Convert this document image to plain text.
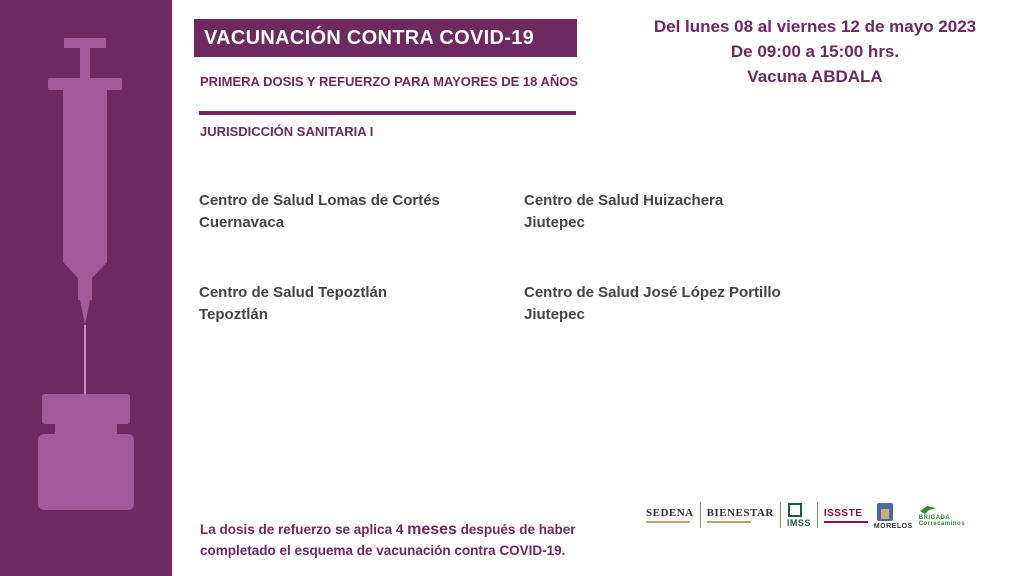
VACUNACIÓN CONTRA COVID-19
PRIMERA DOSIS Y REFUERZO PARA MAYORES DE 18 AÑOS
JURISDICCIÓN SANITARIA I
Del lunes 08 al viernes 12 de mayo 2023
De 09:00 a 15:00 hrs.
Vacuna ABDALA
Centro de Salud Lomas de Cortés
Cuernavaca
Centro de Salud Huizachera
Jiutepec
Centro de Salud Tepoztlán
Tepoztlán
Centro de Salud José López Portillo
Jiutepec
La dosis de refuerzo se aplica 4 meses después de haber
completado el esquema de vacunación contra COVID-19.
SEDENA BIENESTAR
IMSS
ISSSTE
MORELOS
BRIGADA Correcaminos
